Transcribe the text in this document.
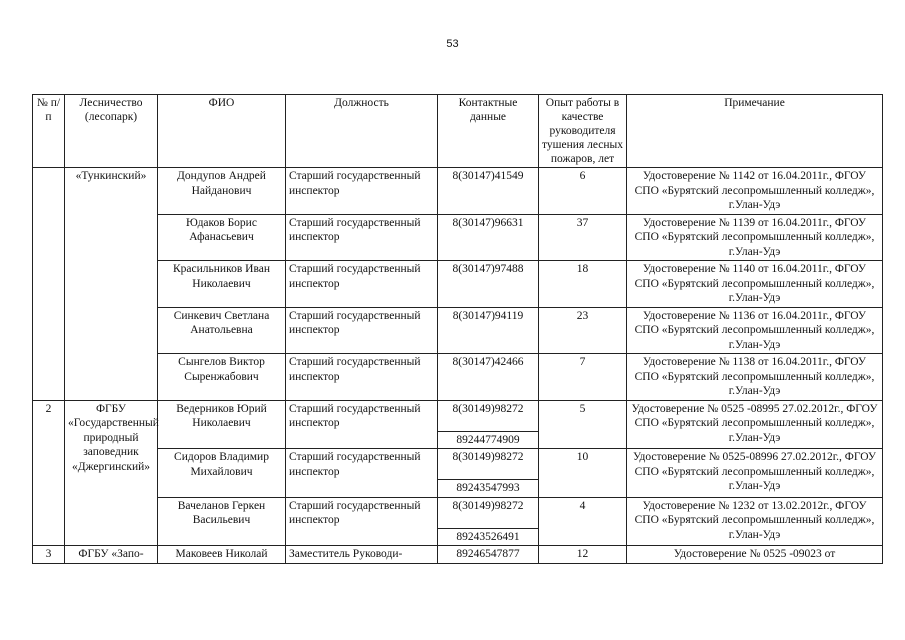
53
№ п/п	Лесничество (лесопарк)	ФИО	Должность	Контактные данные	Опыт работы в качестве руководителя тушения лесных пожаров, лет	Примечание
	«Тункинский»	Дондупов Андрей Найданович	Старший государственный инспектор	8(30147)41549	6	Удостоверение № 1142 от 16.04.2011г., ФГОУ СПО «Бурятский лесопромышленный колледж», г.Улан-Удэ
		Юдаков Борис Афанасьевич	Старший государственный инспектор	8(30147)96631	37	Удостоверение № 1139 от 16.04.2011г., ФГОУ СПО «Бурятский лесопромышленный колледж», г.Улан-Удэ
		Красильников Иван Николаевич	Старший государственный инспектор	8(30147)97488	18	Удостоверение № 1140 от 16.04.2011г., ФГОУ СПО «Бурятский лесопромышленный колледж», г.Улан-Удэ
		Синкевич Светлана Анатольевна	Старший государственный инспектор	8(30147)94119	23	Удостоверение № 1136 от 16.04.2011г., ФГОУ СПО «Бурятский лесопромышленный колледж», г.Улан-Удэ
		Сынгелов Виктор Сыренжабович	Старший государственный инспектор	8(30147)42466	7	Удостоверение № 1138 от 16.04.2011г., ФГОУ СПО «Бурятский лесопромышленный колледж», г.Улан-Удэ
2	ФГБУ «Государственный природный заповедник «Джергинский»	Ведерников Юрий Николаевич	Старший государственный инспектор	8(30149)98272	5	Удостоверение № 0525 -08995 27.02.2012г., ФГОУ СПО «Бурятский лесопромышленный колледж», г.Улан-Удэ
				89244774909		
		Сидоров Владимир Михайлович	Старший государственный инспектор	8(30149)98272	10	Удостоверение № 0525-08996 27.02.2012г., ФГОУ СПО «Бурятский лесопромышленный колледж», г.Улан-Удэ
				89243547993		
		Вачеланов Геркен Васильевич	Старший государственный инспектор	8(30149)98272	4	Удостоверение № 1232 от 13.02.2012г., ФГОУ СПО «Бурятский лесопромышленный колледж», г.Улан-Удэ
				89243526491		
3	ФГБУ «Запо-	Маковеев Николай	Заместитель Руководи-	89246547877	12	Удостоверение № 0525 -09023 от
